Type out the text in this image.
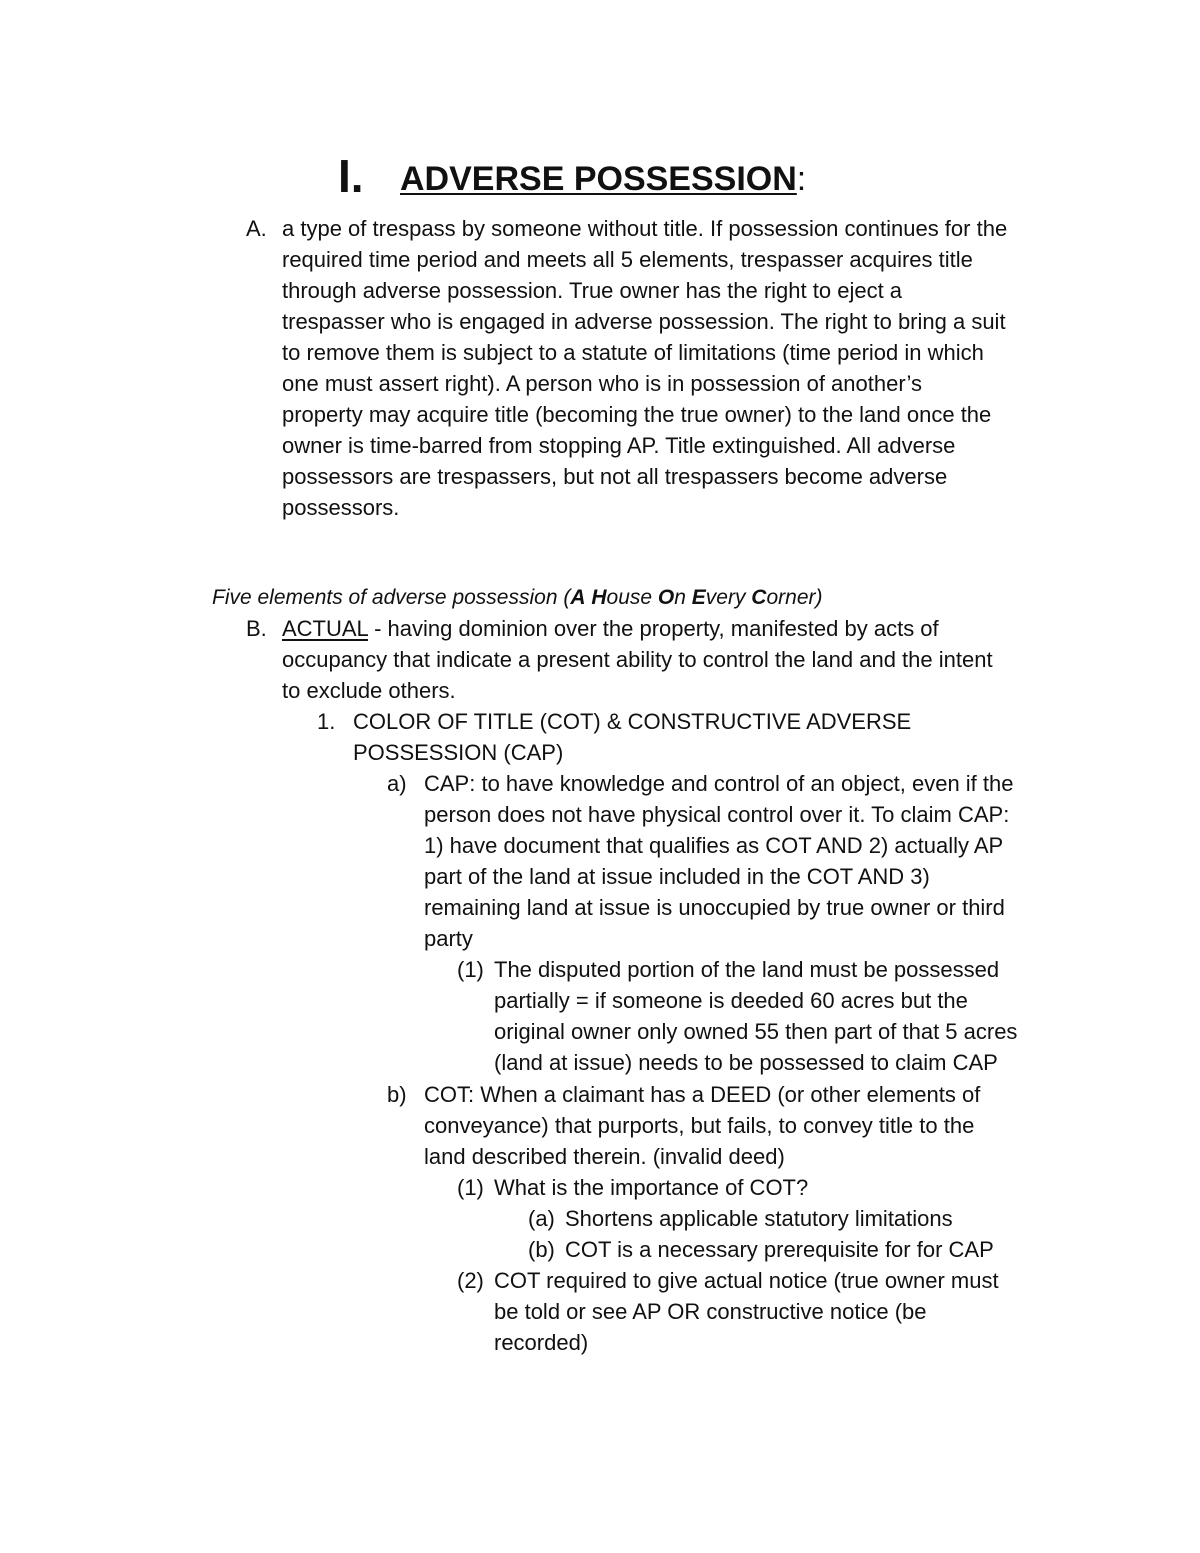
I. ADVERSE POSSESSION:
A. a type of trespass by someone without title. If possession continues for the
required time period and meets all 5 elements, trespasser acquires title
through adverse possession. True owner has the right to eject a
trespasser who is engaged in adverse possession. The right to bring a suit
to remove them is subject to a statute of limitations (time period in which
one must assert right). A person who is in possession of another’s
property may acquire title (becoming the true owner) to the land once the
owner is time-barred from stopping AP. Title extinguished. All adverse
possessors are trespassers, but not all trespassers become adverse
possessors.
Five elements of adverse possession (A House On Every Corner)
B. ACTUAL - having dominion over the property, manifested by acts of
occupancy that indicate a present ability to control the land and the intent
to exclude others.
1. COLOR OF TITLE (COT) & CONSTRUCTIVE ADVERSE
POSSESSION (CAP)
a) CAP: to have knowledge and control of an object, even if the
person does not have physical control over it. To claim CAP:
1) have document that qualifies as COT AND 2) actually AP
part of the land at issue included in the COT AND 3)
remaining land at issue is unoccupied by true owner or third
party
(1) The disputed portion of the land must be possessed
partially = if someone is deeded 60 acres but the
original owner only owned 55 then part of that 5 acres
(land at issue) needs to be possessed to claim CAP
b) COT: When a claimant has a DEED (or other elements of
conveyance) that purports, but fails, to convey title to the
land described therein. (invalid deed)
(1) What is the importance of COT?
(a) Shortens applicable statutory limitations
(b) COT is a necessary prerequisite for for CAP
(2) COT required to give actual notice (true owner must
be told or see AP OR constructive notice (be
recorded)
